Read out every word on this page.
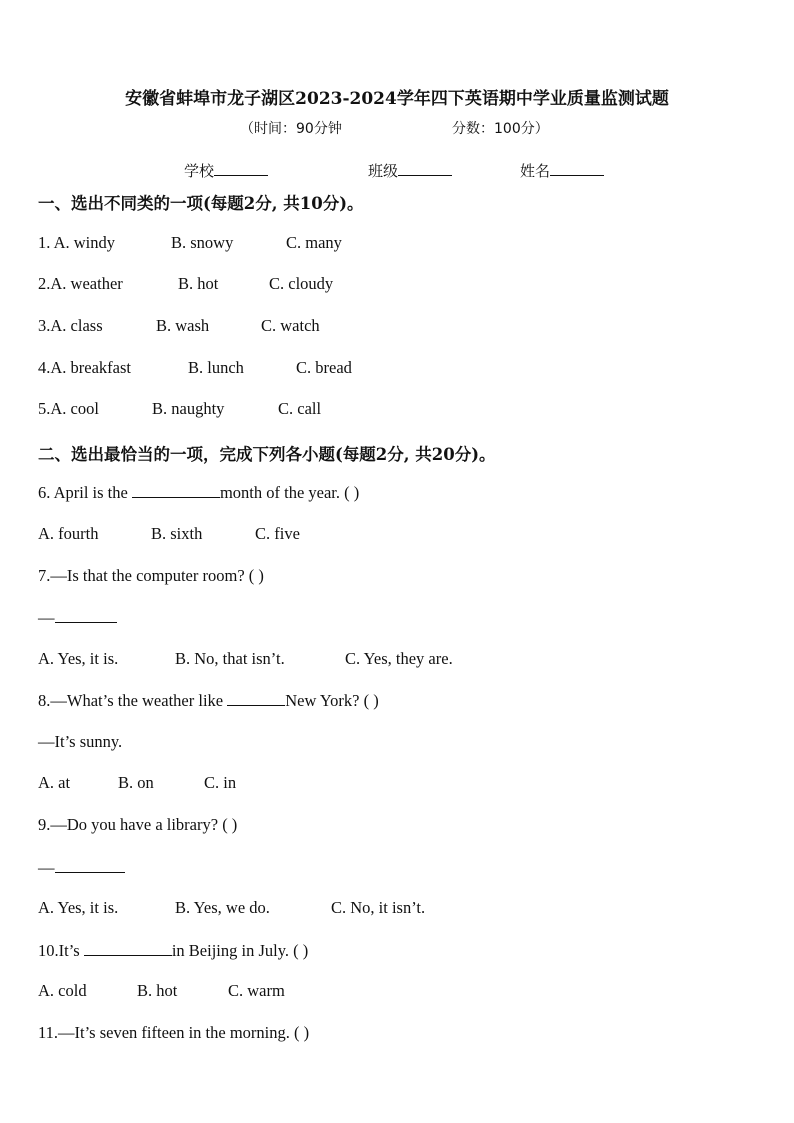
安徽省蚌埠市龙子湖区2023-2024学年四下英语期中学业质量监测试题
（时间：90分钟	分数：100分）
学校	班级	姓名
一、选出不同类的一项(每题2分, 共10分)。
1. A. windy	B. snowy	C. many
2.A. weather	B. hot	C. cloudy
3.A. class	B. wash	C. watch
4.A. breakfast	B. lunch	C. bread
5.A. cool	B. naughty	C. call
二、选出最恰当的一项，完成下列各小题(每题2分, 共20分)。
6. April is the	month of the year. ( )
A. fourth	B. sixth	C. five
7.—Is that the computer room? ( )
—
A. Yes, it is.	B. No, that isn’t.	C. Yes, they are.
8.—What’s the weather like	New York? ( )
—It’s sunny.
A. at	B. on	C. in
9.—Do you have a library? ( )
—
A. Yes, it is.	B. Yes, we do.	C. No, it isn’t.
10.It’s	in Beijing in July. ( )
A. cold	B. hot	C. warm
11.—It’s seven fifteen in the morning. ( )
